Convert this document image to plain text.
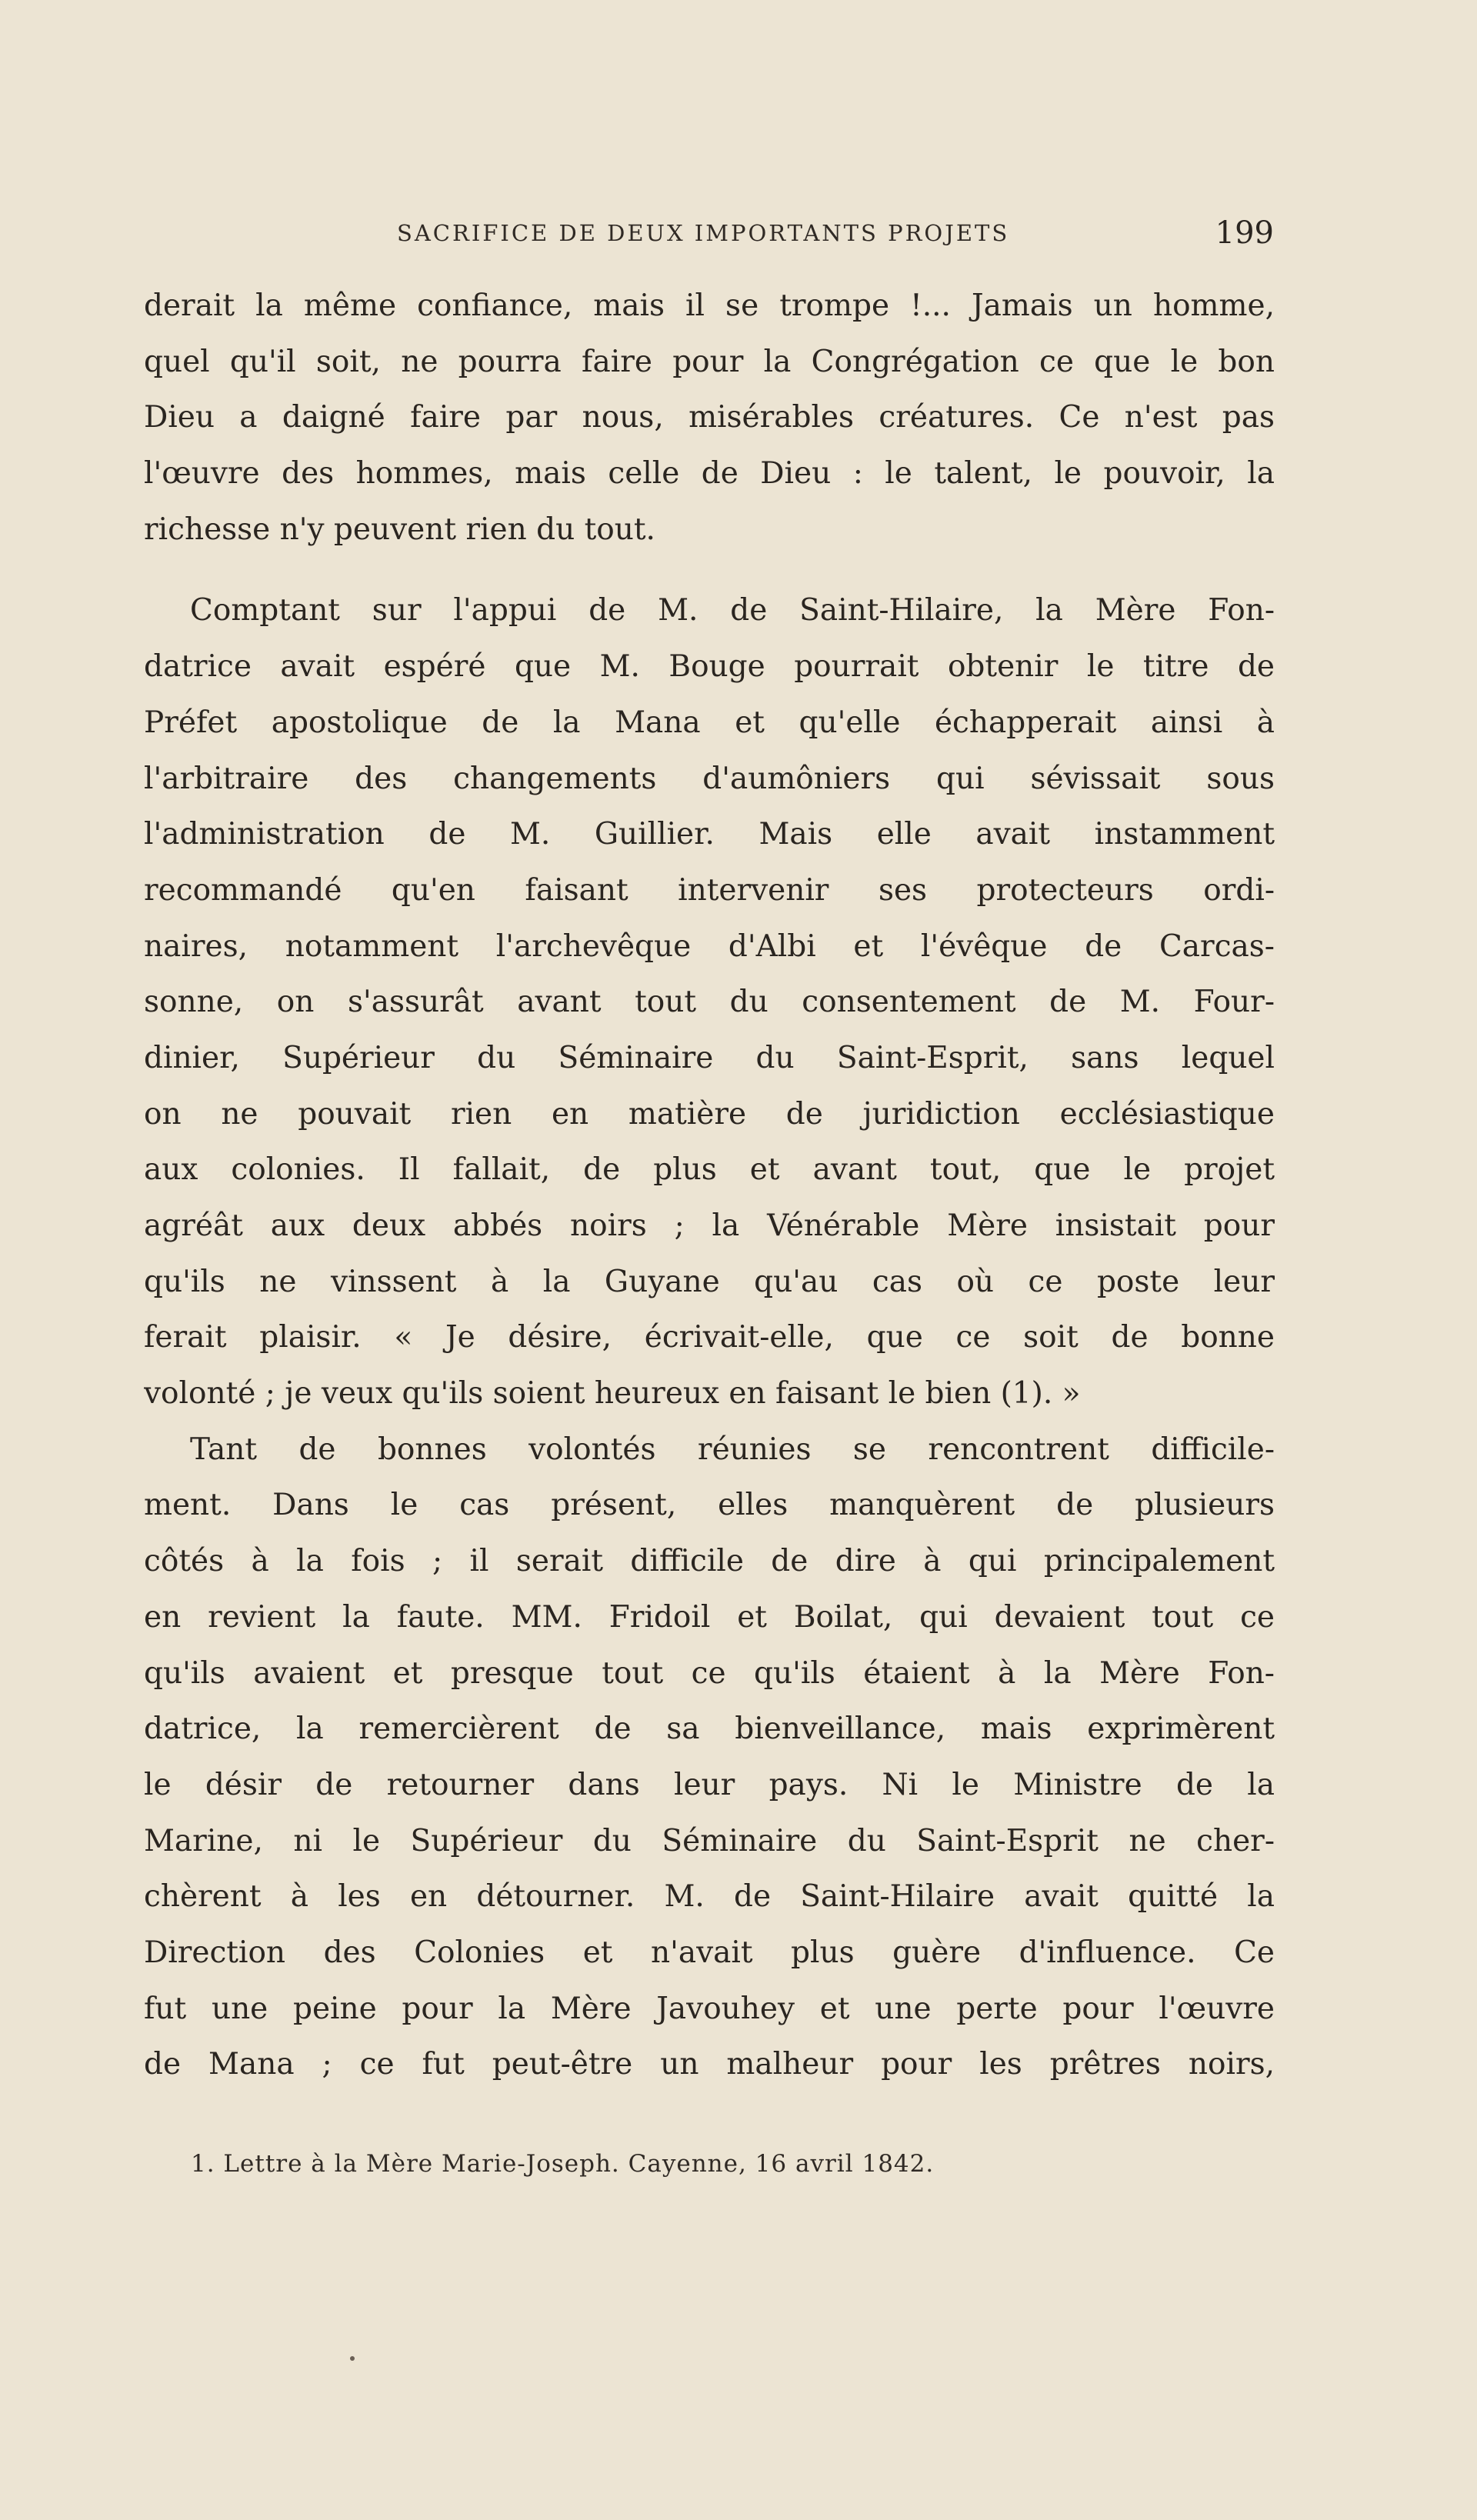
SACRIFICE DE DEUX IMPORTANTS PROJETS	199
derait la même confiance, mais il se trompe !... Jamais un homme,
quel qu'il soit, ne pourra faire pour la Congrégation ce que le bon
Dieu a daigné faire par nous, misérables créatures. Ce n'est pas
l'œuvre des hommes, mais celle de Dieu : le talent, le pouvoir, la
richesse n'y peuvent rien du tout.
Comptant sur l'appui de M. de Saint-Hilaire, la Mère Fon-
datrice avait espéré que M. Bouge pourrait obtenir le titre de
Préfet apostolique de la Mana et qu'elle échapperait ainsi à
l'arbitraire des changements d'aumôniers qui sévissait sous
l'administration de M. Guillier. Mais elle avait instamment
recommandé qu'en faisant intervenir ses protecteurs ordi-
naires, notamment l'archevêque d'Albi et l'évêque de Carcas-
sonne, on s'assurât avant tout du consentement de M. Four-
dinier, Supérieur du Séminaire du Saint-Esprit, sans lequel
on ne pouvait rien en matière de juridiction ecclésiastique
aux colonies. Il fallait, de plus et avant tout, que le projet
agréât aux deux abbés noirs ; la Vénérable Mère insistait pour
qu'ils ne vinssent à la Guyane qu'au cas où ce poste leur
ferait plaisir. « Je désire, écrivait-elle, que ce soit de bonne
volonté ; je veux qu'ils soient heureux en faisant le bien (1). »
Tant de bonnes volontés réunies se rencontrent difficile-
ment. Dans le cas présent, elles manquèrent de plusieurs
côtés à la fois ; il serait difficile de dire à qui principalement
en revient la faute. MM. Fridoil et Boilat, qui devaient tout ce
qu'ils avaient et presque tout ce qu'ils étaient à la Mère Fon-
datrice, la remercièrent de sa bienveillance, mais exprimèrent
le désir de retourner dans leur pays. Ni le Ministre de la
Marine, ni le Supérieur du Séminaire du Saint-Esprit ne cher-
chèrent à les en détourner. M. de Saint-Hilaire avait quitté la
Direction des Colonies et n'avait plus guère d'influence. Ce
fut une peine pour la Mère Javouhey et une perte pour l'œuvre
de Mana ; ce fut peut-être un malheur pour les prêtres noirs,
1. Lettre à la Mère Marie-Joseph. Cayenne, 16 avril 1842.
